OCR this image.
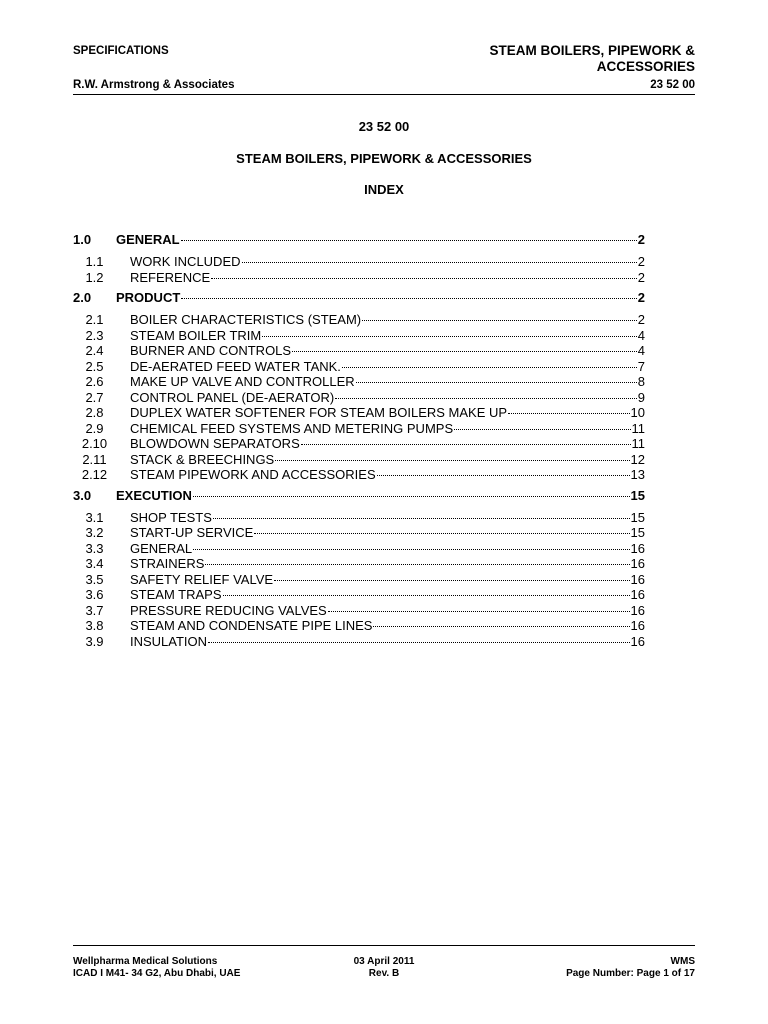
SPECIFICATIONS	STEAM BOILERS, PIPEWORK &
ACCESSORIES
R.W. Armstrong & Associates	23 52 00
23 52 00
STEAM BOILERS, PIPEWORK & ACCESSORIES
INDEX
1.0	GENERAL	2
1.1	WORK INCLUDED	2
1.2	REFERENCE	2
2.0	PRODUCT	2
2.1	BOILER CHARACTERISTICS (STEAM)	2
2.3	STEAM BOILER TRIM	4
2.4	BURNER AND CONTROLS	4
2.5	DE-AERATED FEED WATER TANK.	7
2.6	MAKE UP VALVE AND CONTROLLER	8
2.7	CONTROL PANEL (DE-AERATOR)	9
2.8	DUPLEX WATER SOFTENER FOR STEAM BOILERS MAKE UP	10
2.9	CHEMICAL FEED SYSTEMS AND METERING PUMPS	11
2.10	BLOWDOWN SEPARATORS	11
2.11	STACK & BREECHINGS	12
2.12	STEAM PIPEWORK AND ACCESSORIES	13
3.0	EXECUTION	15
3.1	SHOP TESTS	15
3.2	START-UP SERVICE	15
3.3	GENERAL	16
3.4	STRAINERS	16
3.5	SAFETY RELIEF VALVE	16
3.6	STEAM TRAPS	16
3.7	PRESSURE REDUCING VALVES	16
3.8	STEAM AND CONDENSATE PIPE LINES	16
3.9	INSULATION	16
Wellpharma Medical Solutions	03 April 2011	WMS
ICAD I M41- 34 G2, Abu Dhabi, UAE	Rev. B	Page Number: Page 1 of 17
